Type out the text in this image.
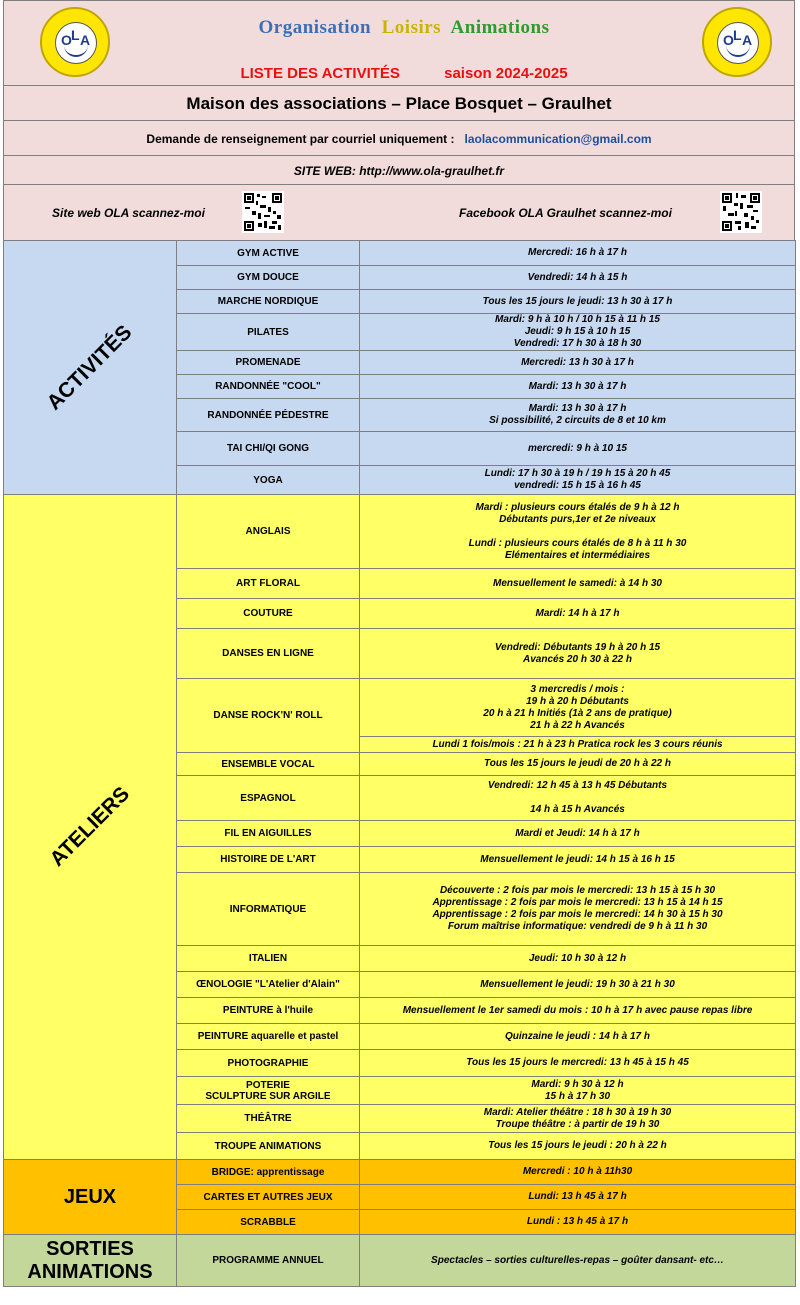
O L A	O L A
Organisation Loisirs Animations
LISTE DES ACTIVITÉS	saison 2024-2025
Maison des associations – Place Bosquet – Graulhet
Demande de renseignement par courriel uniquement : laolacommunication@gmail.com
SITE WEB: http://www.ola-graulhet.fr
Site web OLA scannez-moi	Facebook OLA Graulhet scannez-moi
ACTIVITÉS	GYM ACTIVE	Mercredi: 16 h à 17 h

	GYM DOUCE	Vendredi: 14 h à 15 h

	MARCHE NORDIQUE	Tous les 15 jours le jeudi: 13 h 30 à 17 h

	PILATES	Mardi: 9 h à 10 h / 10 h 15 à 11 h 15
Jeudi: 9 h 15 à 10 h 15
Vendredi: 17 h 30 à 18 h 30

	PROMENADE	Mercredi: 13 h 30 à 17 h

	RANDONNÉE "COOL"	Mardi: 13 h 30 à 17 h

	RANDONNÉE PÉDESTRE	Mardi: 13 h 30 à 17 h
Si possibilité, 2 circuits de 8 et 10 km

	TAI CHI/QI GONG	mercredi: 9 h à 10 15

	YOGA	Lundi: 17 h 30 à 19 h / 19 h 15 à 20 h 45
vendredi: 15 h 15 à 16 h 45

ATELIERS	ANGLAIS	Mardi : plusieurs cours étalés de 9 h à 12 h
Débutants purs,1er et 2e niveaux

Lundi : plusieurs cours étalés de 8 h à 11 h 30
Elémentaires et intermédiaires

	ART FLORAL	Mensuellement le samedi: à 14 h 30

	COUTURE	Mardi: 14 h à 17 h

	DANSES EN LIGNE	Vendredi: Débutants 19 h à 20 h 15
Avancés 20 h 30 à 22 h

	DANSE ROCK'N' ROLL	3 mercredis / mois :
19 h à 20 h Débutants
20 h à 21 h Initiés (1à 2 ans de pratique)
21 h à 22 h Avancés

		Lundi 1 fois/mois : 21 h à 23 h Pratica rock les 3 cours réunis
	ENSEMBLE VOCAL	Tous les 15 jours le jeudi de 20 h à 22 h

	ESPAGNOL	Vendredi: 12 h 45 à 13 h 45 Débutants

14 h à 15 h Avancés

	FIL EN AIGUILLES	Mardi et Jeudi: 14 h à 17 h

	HISTOIRE DE L'ART	Mensuellement le jeudi: 14 h 15 à 16 h 15

	INFORMATIQUE	Découverte : 2 fois par mois le mercredi: 13 h 15 à 15 h 30
Apprentissage : 2 fois par mois le mercredi: 13 h 15 à 14 h 15
Apprentissage : 2 fois par mois le mercredi: 14 h 30 à 15 h 30
Forum maîtrise informatique: vendredi de 9 h à 11 h 30

	ITALIEN	Jeudi: 10 h 30 à 12 h

	ŒNOLOGIE "L'Atelier d'Alain"	Mensuellement le jeudi: 19 h 30 à 21 h 30

	PEINTURE à l'huile	Mensuellement le 1er samedi du mois : 10 h à 17 h avec pause repas libre

	PEINTURE aquarelle et pastel	Quinzaine le jeudi : 14 h à 17 h

	PHOTOGRAPHIE	Tous les 15 jours le mercredi: 13 h 45 à 15 h 45

	POTERIE
SCULPTURE SUR ARGILE	Mardi: 9 h 30 à 12 h
15 h à 17 h 30

	THÉÂTRE	Mardi: Atelier théâtre : 18 h 30 à 19 h 30
Troupe théâtre : à partir de 19 h 30

	TROUPE ANIMATIONS	Tous les 15 jours le jeudi : 20 h à 22 h

JEUX	BRIDGE: apprentissage	Mercredi : 10 h à 11h30

	CARTES ET AUTRES JEUX	Lundi: 13 h 45 à 17 h

	SCRABBLE	Lundi : 13 h 45 à 17 h

SORTIES
ANIMATIONS	PROGRAMME ANNUEL	Spectacles – sorties culturelles-repas – goûter dansant- etc…
